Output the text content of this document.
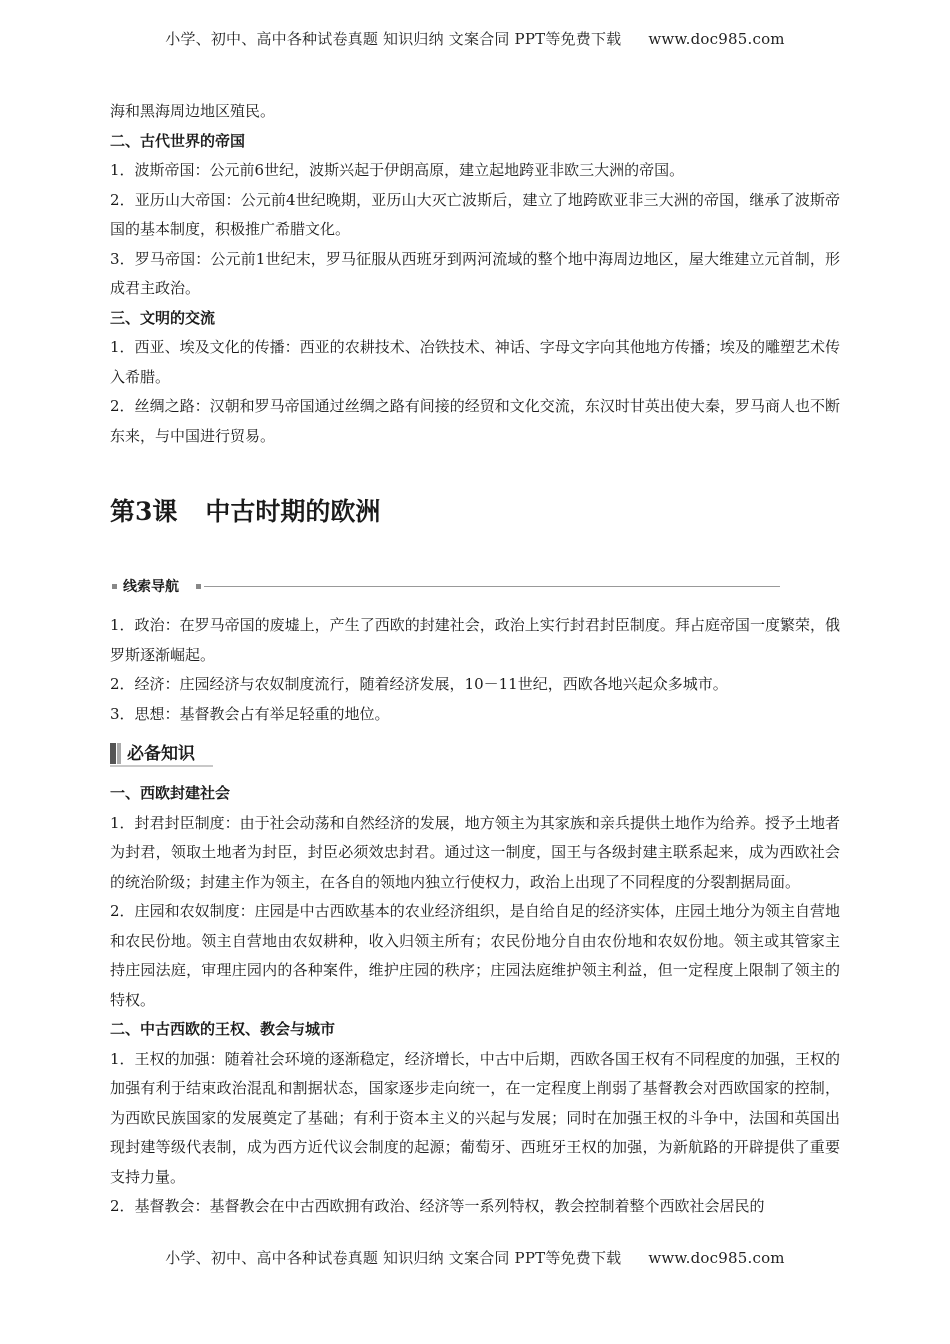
小学、初中、高中各种试卷真题 知识归纳 文案合同 PPT等免费下载 www.doc985.com

海和黑海周边地区殖民。

二、古代世界的帝国

1．波斯帝国：公元前6世纪，波斯兴起于伊朗高原，建立起地跨亚非欧三大洲的帝国。

2．亚历山大帝国：公元前4世纪晚期，亚历山大灭亡波斯后，建立了地跨欧亚非三大洲的帝国，继承了波斯帝国的基本制度，积极推广希腊文化。

3．罗马帝国：公元前1世纪末，罗马征服从西班牙到两河流域的整个地中海周边地区，屋大维建立元首制，形成君主政治。

三、文明的交流

1．西亚、埃及文化的传播：西亚的农耕技术、冶铁技术、神话、字母文字向其他地方传播；埃及的雕塑艺术传入希腊。

2．丝绸之路：汉朝和罗马帝国通过丝绸之路有间接的经贸和文化交流，东汉时甘英出使大秦，罗马商人也不断东来，与中国进行贸易。

第3课 中古时期的欧洲
线索导航

1．政治：在罗马帝国的废墟上，产生了西欧的封建社会，政治上实行封君封臣制度。拜占庭帝国一度繁荣，俄罗斯逐渐崛起。

2．经济：庄园经济与农奴制度流行，随着经济发展，10－11世纪，西欧各地兴起众多城市。

3．思想：基督教会占有举足轻重的地位。

必备知识

一、西欧封建社会

1．封君封臣制度：由于社会动荡和自然经济的发展，地方领主为其家族和亲兵提供土地作为给养。授予土地者为封君，领取土地者为封臣，封臣必须效忠封君。通过这一制度，国王与各级封建主联系起来，成为西欧社会的统治阶级；封建主作为领主，在各自的领地内独立行使权力，政治上出现了不同程度的分裂割据局面。

2．庄园和农奴制度：庄园是中古西欧基本的农业经济组织，是自给自足的经济实体，庄园土地分为领主自营地和农民份地。领主自营地由农奴耕种，收入归领主所有；农民份地分自由农份地和农奴份地。领主或其管家主持庄园法庭，审理庄园内的各种案件，维护庄园的秩序；庄园法庭维护领主利益，但一定程度上限制了领主的特权。

二、中古西欧的王权、教会与城市

1．王权的加强：随着社会环境的逐渐稳定，经济增长，中古中后期，西欧各国王权有不同程度的加强，王权的加强有利于结束政治混乱和割据状态，国家逐步走向统一，在一定程度上削弱了基督教会对西欧国家的控制，为西欧民族国家的发展奠定了基础；有利于资本主义的兴起与发展；同时在加强王权的斗争中，法国和英国出现封建等级代表制，成为西方近代议会制度的起源；葡萄牙、西班牙王权的加强，为新航路的开辟提供了重要支持力量。

2．基督教会：基督教会在中古西欧拥有政治、经济等一系列特权，教会控制着整个西欧社会居民的

小学、初中、高中各种试卷真题 知识归纳 文案合同 PPT等免费下载 www.doc985.com
